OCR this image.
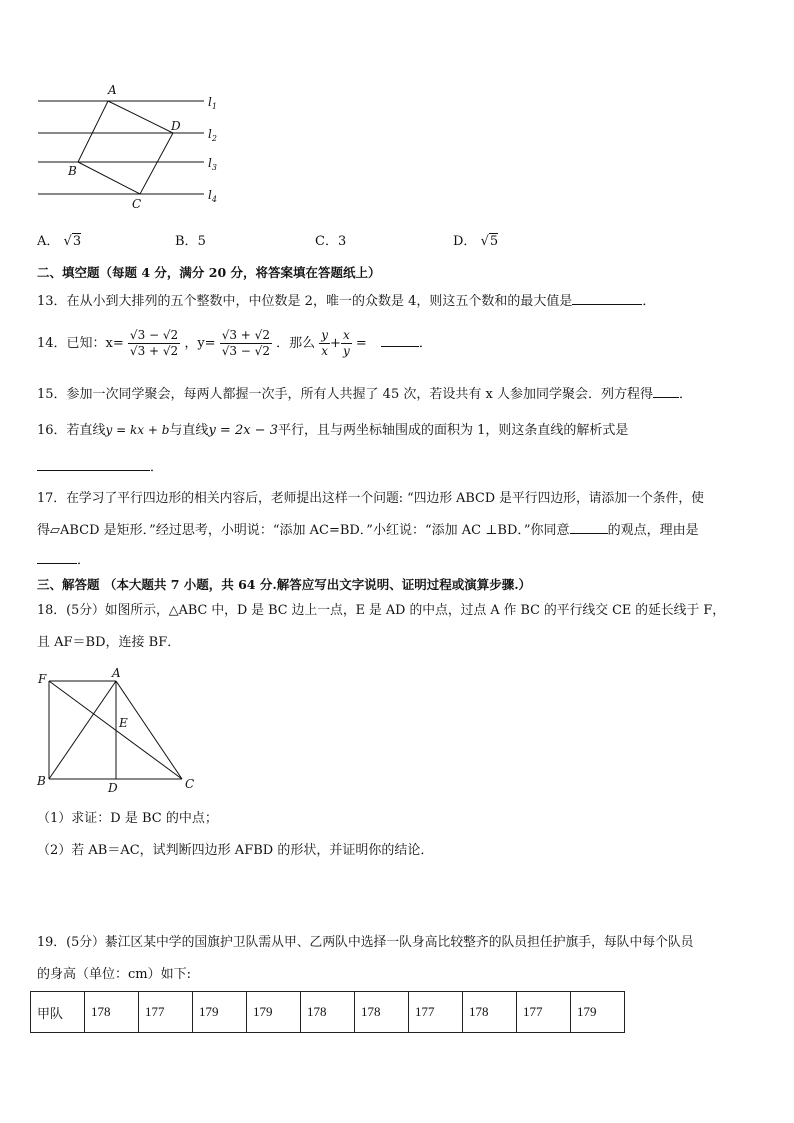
A
D
B
C
$l_1$
$l_2$
$l_3$
$l_4$
A． √3	B．5	C．3	D． √5
二、填空题（每题 4 分，满分 20 分，将答案填在答题纸上）
13．在从小到大排列的五个整数中，中位数是 2，唯一的众数是 4，则这五个数和的最大值是	．
14．已知：$x= \frac{√3 - √2}{√3 + √2}$ ，$y= \frac{√3 + √2}{√3 - √2}$ ．那么 $\frac{y}{x} + \frac{x}{y}$ =	．
15．参加一次同学聚会，每两人都握一次手，所有人共握了 45 次，若设共有 x 人参加同学聚会．列方程得 ．
16．若直线y = kx + b与直线y = 2x − 3平行，且与两坐标轴围成的面积为 1，则这条直线的解析式是
．
17．在学习了平行四边形的相关内容后，老师提出这样一个问题: “四边形 ABCD 是平行四边形，请添加一个条件，使
得▱ABCD 是矩形．”经过思考，小明说：“添加 AC=BD．”小红说：“添加 AC ⊥BD．”你同意	的观点，理由是
．
三、解答题 （本大题共 7 小题，共 64 分.解答应写出文字说明、证明过程或演算步骤.）
18．(5分）如图所示，△ABC 中，D 是 BC 边上一点，E 是 AD 的中点，过点 A 作 BC 的平行线交 CE 的延长线于 F，
且 AF＝BD，连接 BF．
F	A
E
B	D	C
（1）求证：D 是 BC 的中点；
（2）若 AB＝AC，试判断四边形 AFBD 的形状，并证明你的结论．
19．(5分）綦江区某中学的国旗护卫队需从甲、乙两队中选择一队身高比较整齐的队员担任护旗手，每队中每个队员
的身高（单位：cm）如下:
甲队	178	177	179	179	178	178	177	178	177	179
